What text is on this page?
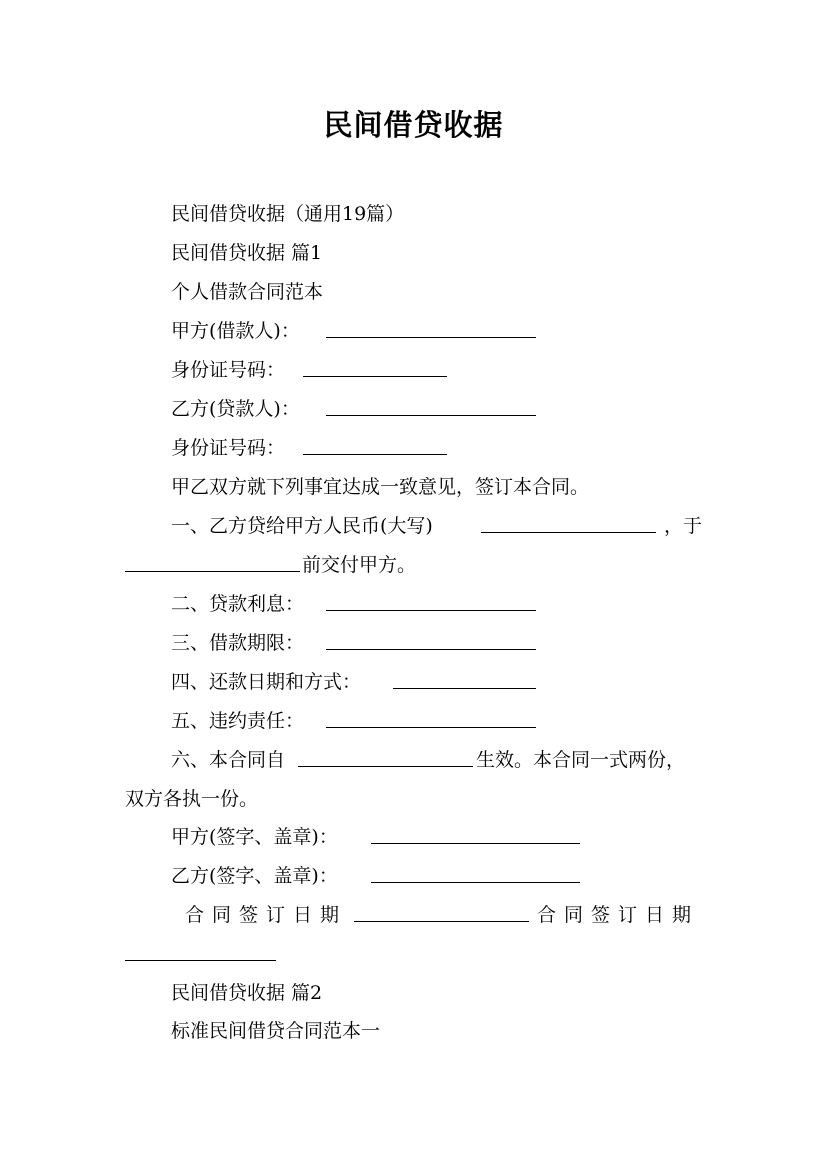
民间借贷收据
民间借贷收据（通用19篇）
民间借贷收据 篇1
个人借款合同范本
甲方(借款人)：
身份证号码：
乙方(贷款人)：
身份证号码：
甲乙双方就下列事宜达成一致意见，签订本合同。
一、乙方贷给甲方人民币(大写)	，于
前交付甲方。
二、贷款利息：
三、借款期限：
四、还款日期和方式：
五、违约责任：
六、本合同自	生效。本合同一式两份，
双方各执一份。
甲方(签字、盖章)：
乙方(签字、盖章)：
合同签订日期	合同签订日期
民间借贷收据 篇2
标准民间借贷合同范本一
